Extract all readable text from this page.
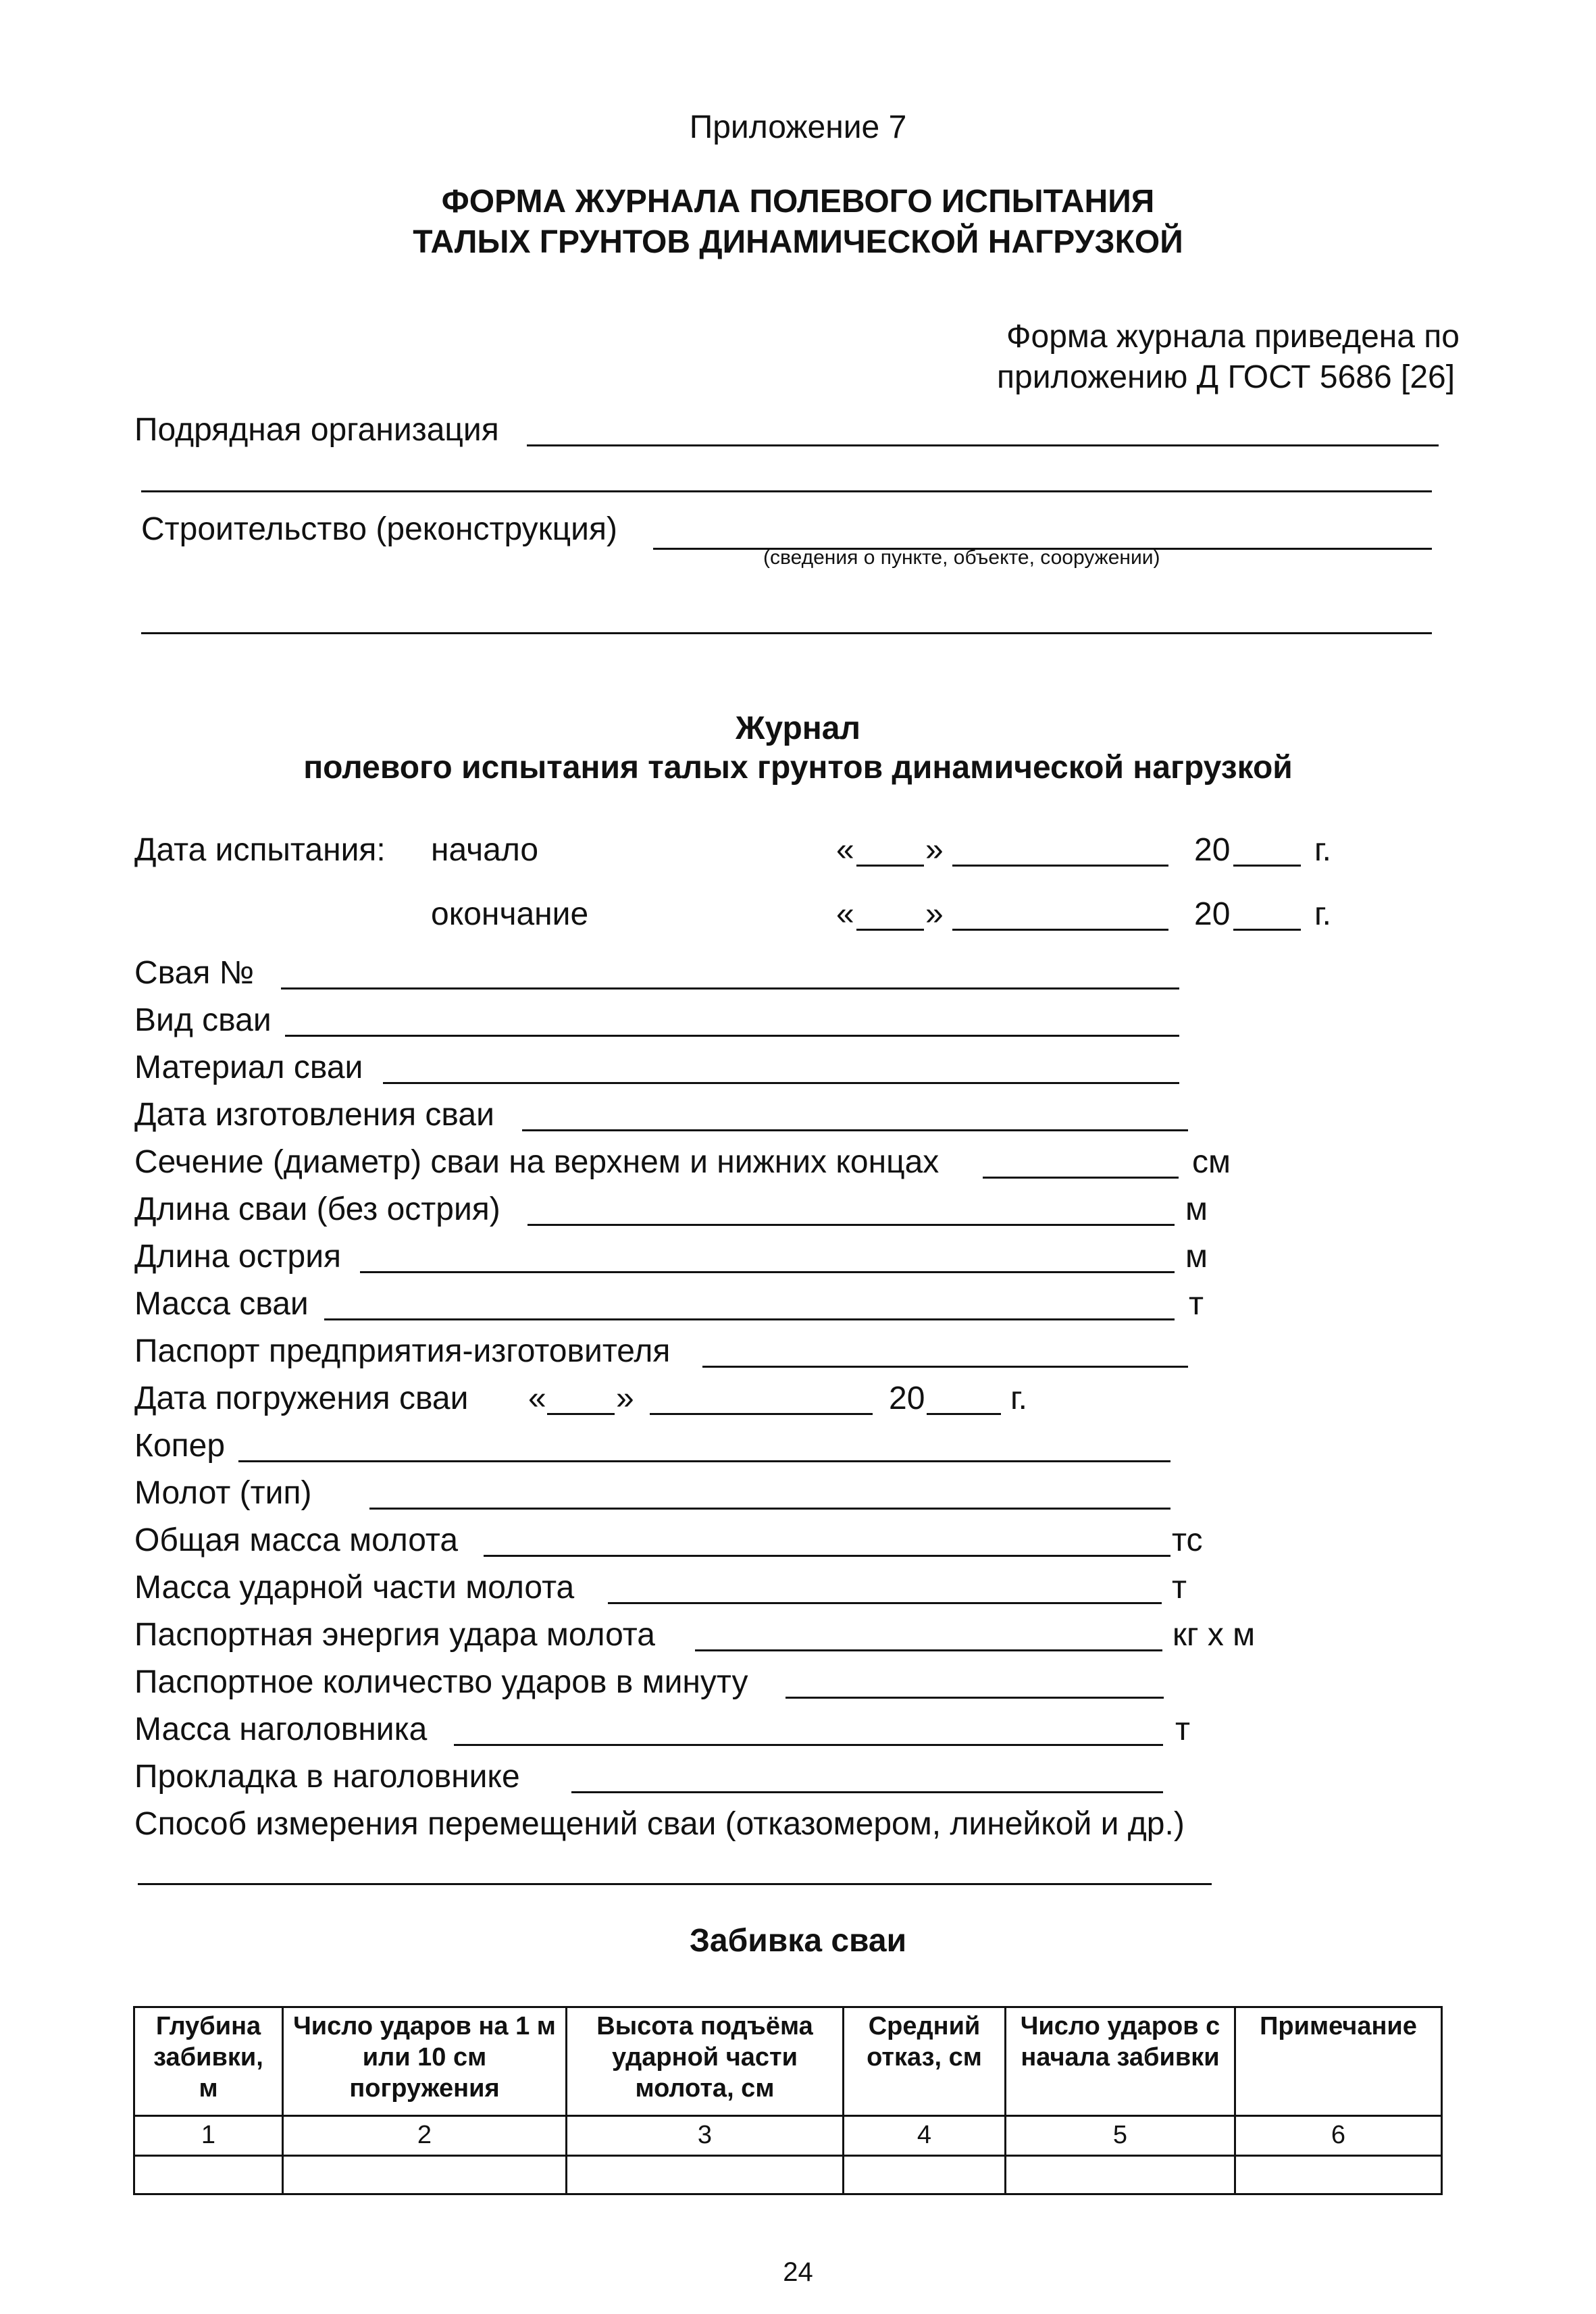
Приложение 7
ФОРМА ЖУРНАЛА ПОЛЕВОГО ИСПЫТАНИЯ
ТАЛЫХ ГРУНТОВ ДИНАМИЧЕСКОЙ НАГРУЗКОЙ
Форма журнала приведена по
приложению Д ГОСТ 5686 [26]
Подрядная организация
Строительство (реконструкция)
(сведения о пункте, объекте, сооружении)
Журнал
полевого испытания талых грунтов динамической нагрузкой
Дата испытания: начало	« »	20	г.
окончание	« »	20	г.
Свая №
Вид сваи
Материал сваи
Дата изготовления сваи
Сечение (диаметр) сваи на верхнем и нижних концах	см
Длина сваи (без острия)	м
Длина острия	м
Масса сваи	т
Паспорт предприятия-изготовителя
Дата погружения сваи « »	20	г.
Копер
Молот (тип)
Общая масса молота	тс
Масса ударной части молота	т
Паспортная энергия удара молота	кг х м
Паспортное количество ударов в минуту
Масса наголовника	т
Прокладка в наголовнике
Способ измерения перемещений сваи (отказомером, линейкой и др.)
Забивка сваи
Глубина забивки, м	Число ударов на 1 м или 10 см погружения	Высота подъёма ударной части молота, см	Средний отказ, см	Число ударов с начала забивки	Примечание
1	2	3	4	5	6

24
